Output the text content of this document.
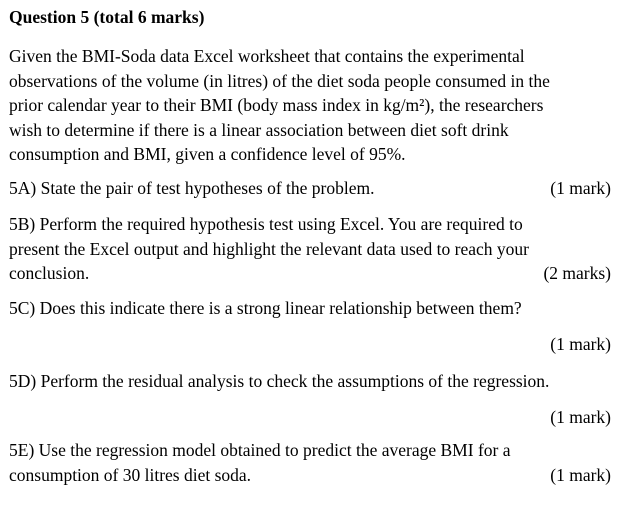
Question 5 (total 6 marks)
Given the BMI-Soda data Excel worksheet that contains the experimental
observations of the volume (in litres) of the diet soda people consumed in the
prior calendar year to their BMI (body mass index in kg/m²), the researchers
wish to determine if there is a linear association between diet soft drink
consumption and BMI, given a confidence level of 95%.
5A) State the pair of test hypotheses of the problem.	(1 mark)
5B) Perform the required hypothesis test using Excel. You are required to
present the Excel output and highlight the relevant data used to reach your
conclusion.	(2 marks)
5C) Does this indicate there is a strong linear relationship between them?
(1 mark)
5D) Perform the residual analysis to check the assumptions of the regression.
(1 mark)
5E) Use the regression model obtained to predict the average BMI for a
consumption of 30 litres diet soda.	(1 mark)
